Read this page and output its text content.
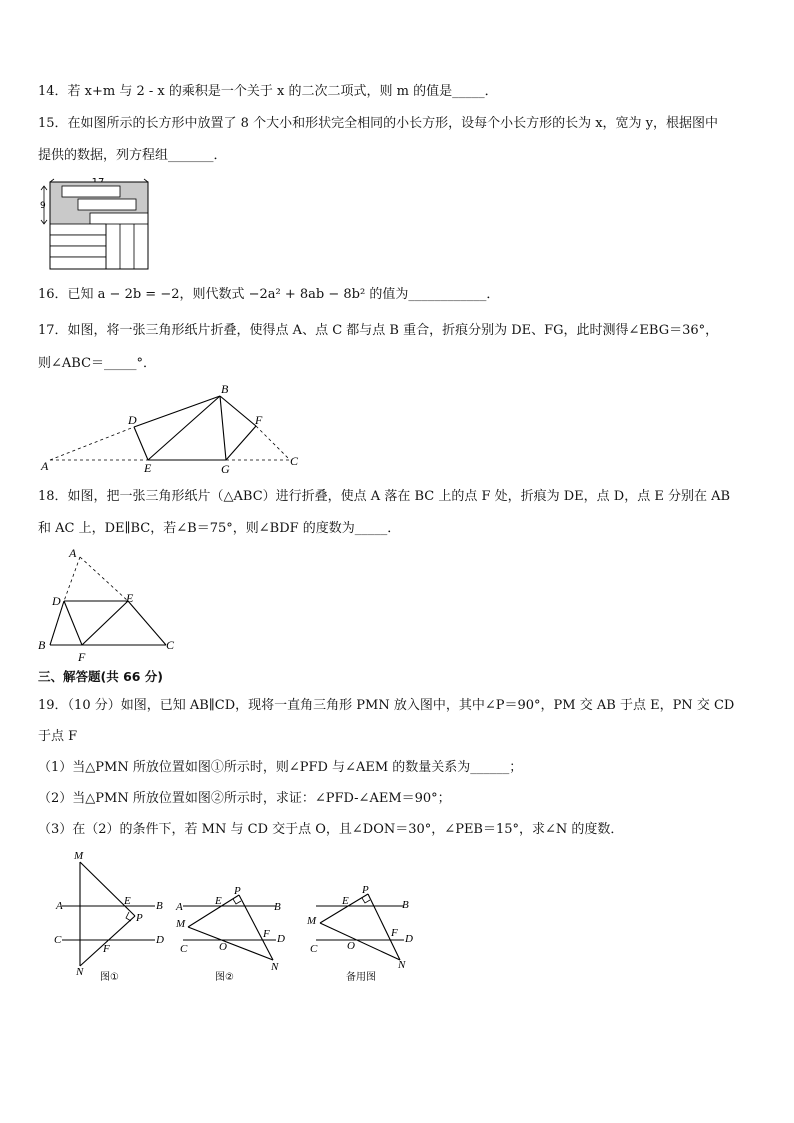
14．若 x+m 与 2 - x 的乘积是一个关于 x 的二次二项式，则 m 的值是_____．
15．在如图所示的长方形中放置了 8 个大小和形状完全相同的小长方形，设每个小长方形的长为 x，宽为 y，根据图中
提供的数据，列方程组_______．
9
16．已知 a − 2b = −2，则代数式 −2a² + 8ab − 8b² 的值为____________．
17．如图，将一张三角形纸片折叠，使得点 A、点 C 都与点 B 重合，折痕分别为 DE、FG，此时测得∠EBG＝36°，
则∠ABC＝_____°．
A
B
C
D
E
F
G
18．如图，把一张三角形纸片（△ABC）进行折叠，使点 A 落在 BC 上的点 F 处，折痕为 DE，点 D，点 E 分别在 AB
和 AC 上，DE∥BC，若∠B＝75°，则∠BDF 的度数为_____．
A
D	E
B	C
F
三、解答题(共 66 分)
19．（10 分）如图，已知 AB∥CD，现将一直角三角形 PMN 放入图中，其中∠P＝90°，PM 交 AB 于点 E，PN 交 CD
于点 F
（1）当△PMN 所放位置如图①所示时，则∠PFD 与∠AEM 的数量关系为______；
（2）当△PMN 所放位置如图②所示时，求证：∠PFD-∠AEM＝90°；
（3）在（2）的条件下，若 MN 与 CD 交于点 O，且∠DON＝30°，∠PEB＝15°，求∠N 的度数．
M
A	B
E
P
C	D
F
N 图①
P
A	E	B
M
C	O
F D
N
图②
P
E	B
M
C	O
F D
N
备用图
